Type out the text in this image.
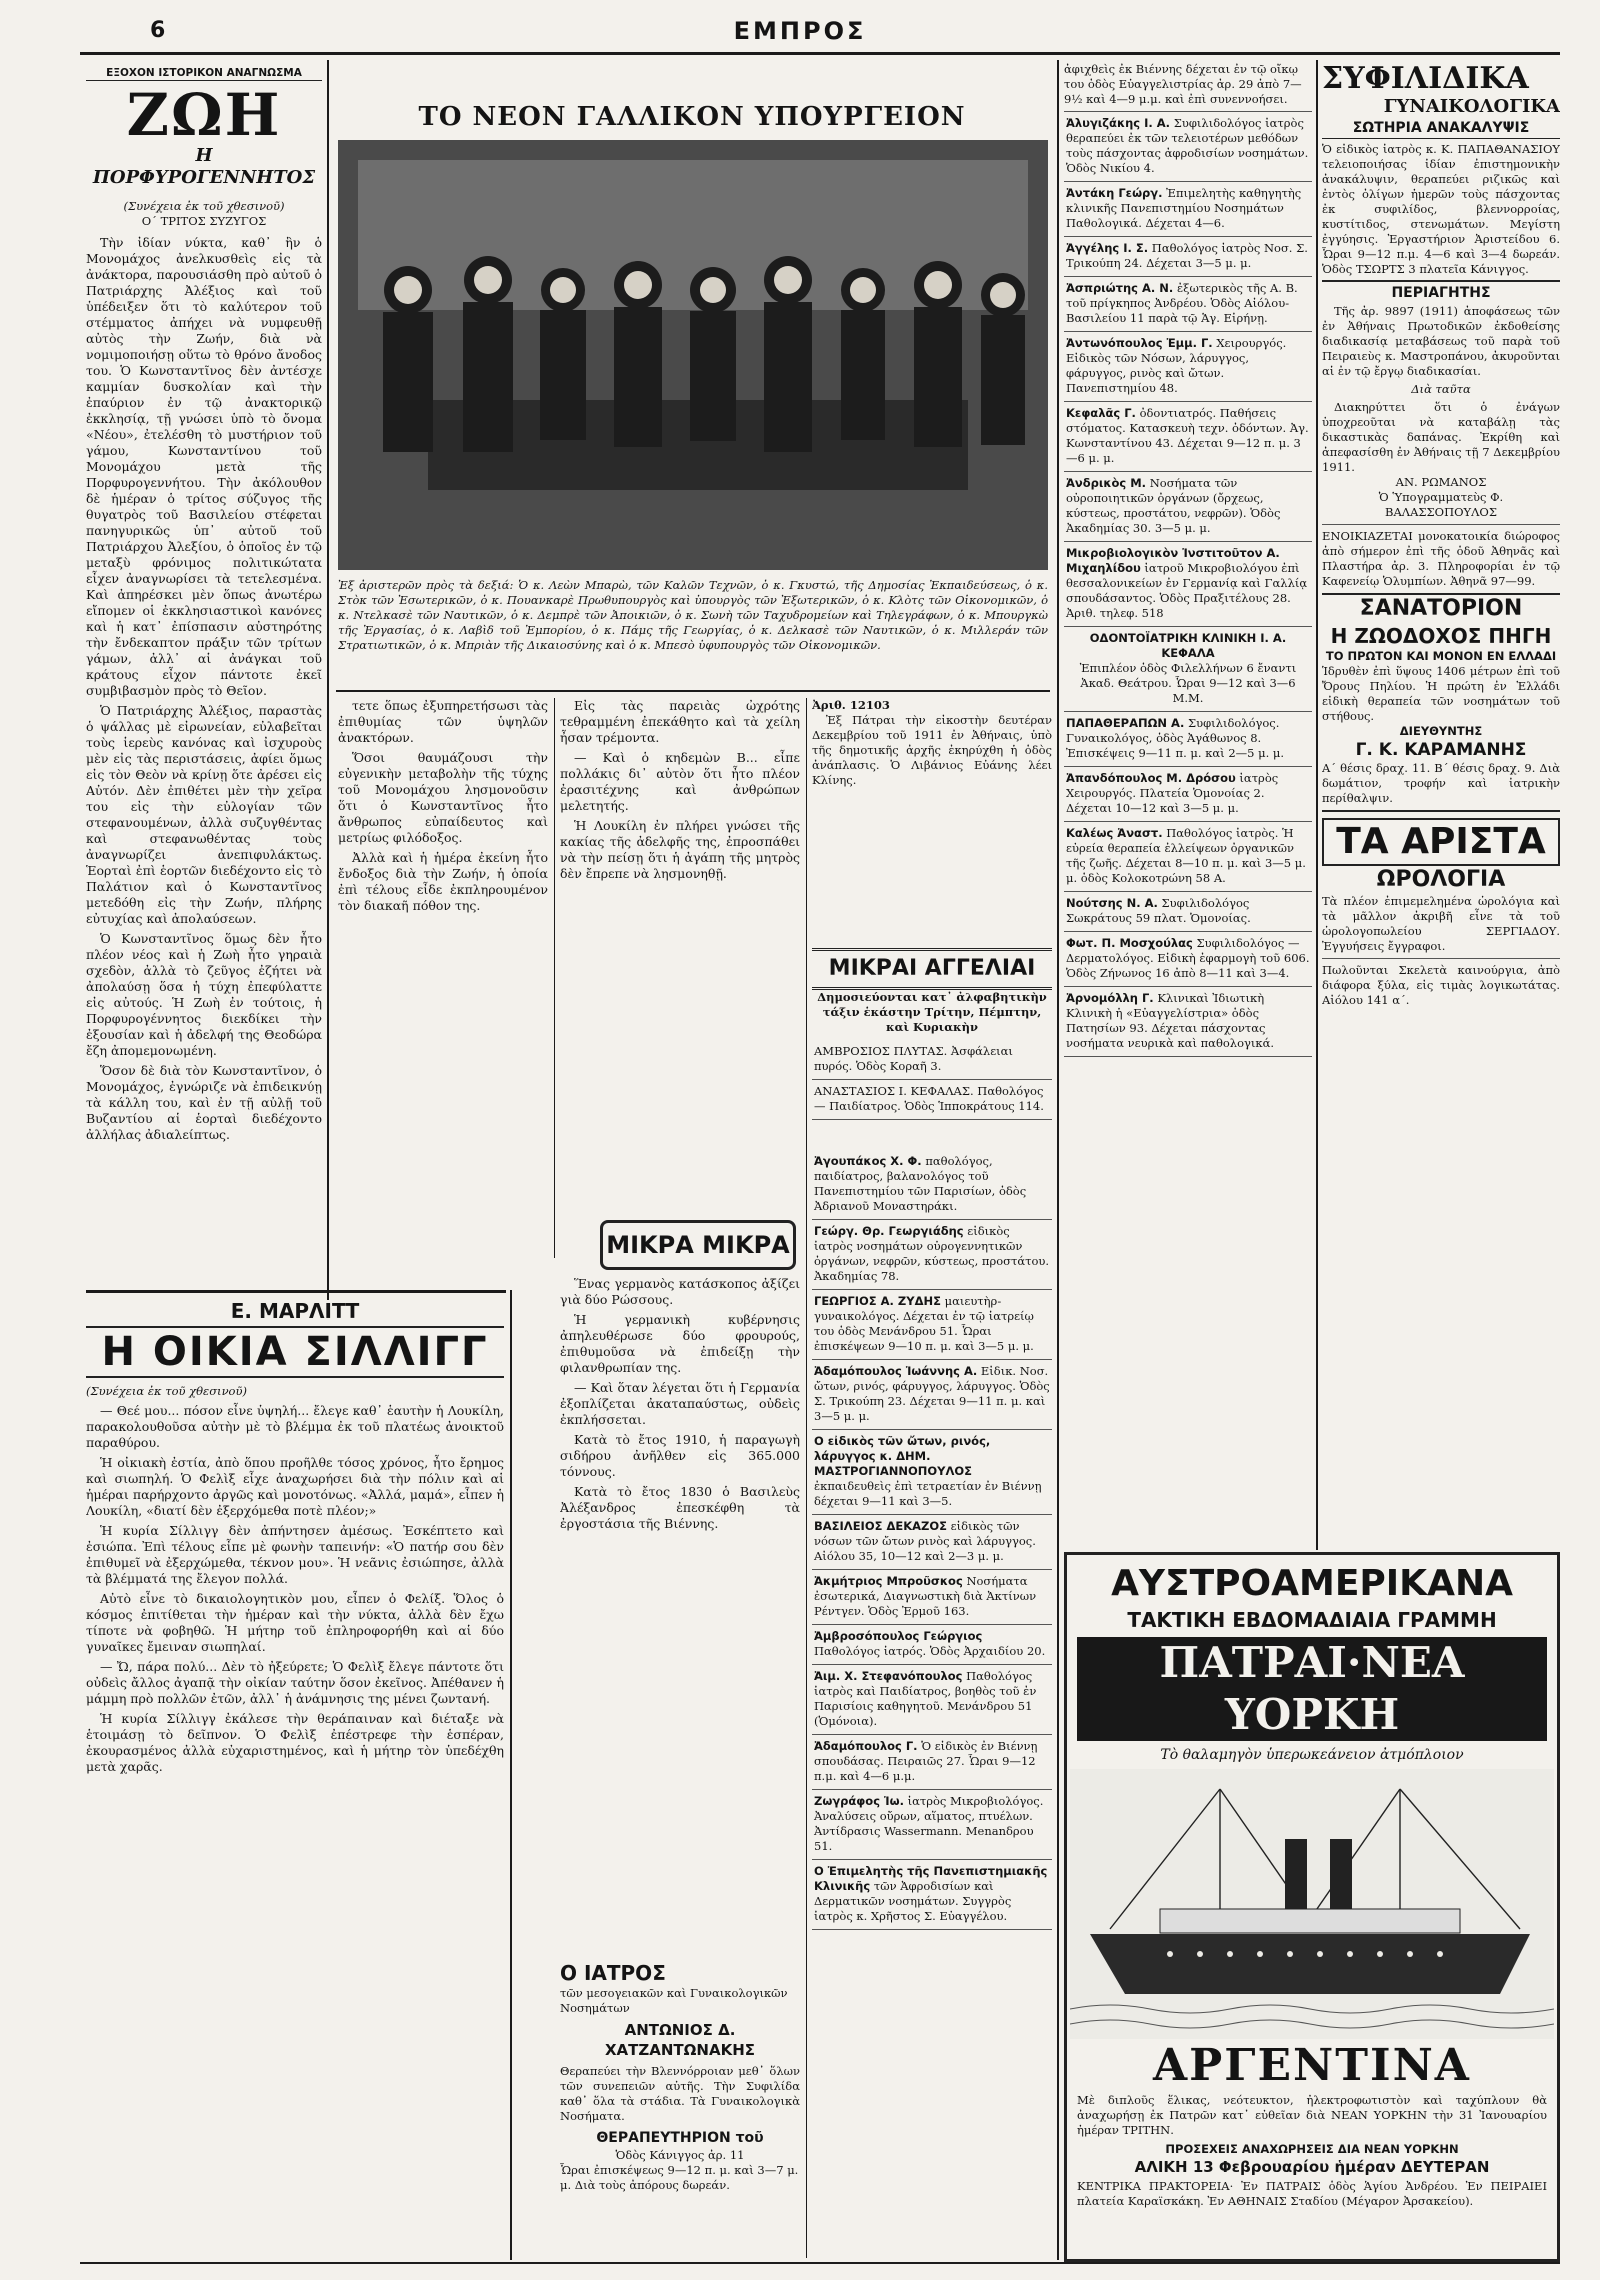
6	ΕΜΠΡΟΣ
ΕΞΟΧΟΝ ΙΣΤΟΡΙΚΟΝ ΑΝΑΓΝΩΣΜΑ
ΖΩΗ
Η ΠΟΡΦΥΡΟΓΕΝΝΗΤΟΣ
(Συνέχεια ἐκ τοῦ χθεσινοῦ)
Ο΄ ΤΡΙΤΟΣ ΣΥΖΥΓΟΣ

Τὴν ἰδίαν νύκτα, καθ᾽ ἣν ὁ Μονομάχος ἀνελκυσθεὶς εἰς τὰ ἀνάκτορα, παρουσιάσθη πρὸ αὐτοῦ ὁ Πατριάρχης Ἀλέξιος καὶ τοῦ ὑπέδειξεν ὅτι τὸ καλύτερον τοῦ στέμματος ἀπήχει νὰ νυμφευθῇ αὐτὸς τὴν Ζωήν, διὰ νὰ νομιμοποιήσῃ οὕτω τὸ θρόνο ἄνοδος του. Ὁ Κωνσταντῖνος δὲν ἀντέσχε καμμίαν δυσκολίαν καὶ τὴν ἐπαύριον ἐν τῷ ἀνακτορικῷ ἐκκλησίᾳ, τῇ γνώσει ὑπὸ τὸ ὄνομα «Νέου», ἐτελέσθη τὸ μυστήριον τοῦ γάμου, Κωνσταντίνου τοῦ Μονομάχου μετὰ τῆς Πορφυρογεννήτου. Τὴν ἀκόλουθον δὲ ἡμέραν ὁ τρίτος σύζυγος τῆς θυγατρὸς τοῦ Βασιλείου στέφεται πανηγυρικῶς ὑπ᾽ αὐτοῦ τοῦ Πατριάρχου Ἀλεξίου, ὁ ὁποῖος ἐν τῷ μεταξὺ φρόνιμος πολιτικώτατα εἶχεν ἀναγνωρίσει τὰ τετελεσμένα. Καὶ ἀπηρέσκει μὲν ὅπως ἀνωτέρω εἴπομεν οἱ ἐκκλησιαστικοὶ κανόνες καὶ ἡ κατ᾽ ἐπίσπασιν αὐστηρότης τὴν ἔνδεκαπτον πράξιν τῶν τρίτων γάμων, ἀλλ᾽ αἱ ἀνάγκαι τοῦ κράτους εἶχον πάντοτε ἐκεῖ συμβιβασμὸν πρὸς τὸ Θεῖον.

Ὁ Πατριάρχης Ἀλέξιος, παραστὰς ὁ ψάλλας μὲ εἰρωνείαν, εὐλαβεῖται τοὺς ἱερεὺς κανόνας καὶ ἰσχυροὺς μὲν εἰς τὰς περιστάσεις, ἀφίει ὅμως εἰς τὸν Θεὸν νὰ κρίνῃ ὅτε ἀρέσει εἰς Αὐτόν. Δὲν ἐπιθέτει μὲν τὴν χεῖρα του εἰς τὴν εὐλογίαν τῶν στεφανουμένων, ἀλλὰ συζυγθέντας καὶ στεφανωθέντας τοὺς ἀναγνωρίζει ἀνεπιφυλάκτως. Ἑορταὶ ἐπὶ ἑορτῶν διεδέχοντο εἰς τὸ Παλάτιον καὶ ὁ Κωνσταντῖνος μετεδόθη εἰς τὴν Ζωήν, πλήρης εὐτυχίας καὶ ἀπολαύσεων.

Ὁ Κωνσταντῖνος ὅμως δὲν ἦτο πλέον νέος καὶ ἡ Ζωὴ ἦτο γηραιὰ σχεδὸν, ἀλλὰ τὸ ζεῦγος ἐζήτει νὰ ἀπολαύσῃ ὅσα ἡ τύχη ἐπεφύλαττε εἰς αὐτούς. Ἡ Ζωὴ ἐν τούτοις, ἡ Πορφυρογέννητος διεκδίκει τὴν ἐξουσίαν καὶ ἡ ἀδελφή της Θεοδώρα ἔζη ἀπομεμονωμένη.

Ὅσον δὲ διὰ τὸν Κωνσταντῖνον, ὁ Μονομάχος, ἐγνώριζε νὰ ἐπιδεικνύῃ τὰ κάλλη του, καὶ ἐν τῇ αὐλῇ τοῦ Βυζαντίου αἱ ἑορταὶ διεδέχοντο ἀλλήλας ἀδιαλείπτως.

Ε. ΜΑΡΛΙΤΤ
Η ΟΙΚΙΑ ΣΙΛΛΙΓΓ
(Συνέχεια ἐκ τοῦ χθεσινοῦ)

— Θεέ μου... πόσον εἶνε ὑψηλή... ἔλεγε καθ᾽ ἑαυτὴν ἡ Λουκίλη, παρακολουθοῦσα αὐτὴν μὲ τὸ βλέμμα ἐκ τοῦ πλατέως ἀνοικτοῦ παραθύρου.

Ἡ οἰκιακὴ ἐστία, ἀπὸ ὅπου προῆλθε τόσος χρόνος, ἦτο ἔρημος καὶ σιωπηλή. Ὁ Φελὶξ εἶχε ἀναχωρήσει διὰ τὴν πόλιν καὶ αἱ ἡμέραι παρήρχοντο ἀργῶς καὶ μονοτόνως. «Ἀλλά, μαμά», εἶπεν ἡ Λουκίλη, «διατί δὲν ἐξερχόμεθα ποτὲ πλέον;»

Ἡ κυρία Σίλλιγγ δὲν ἀπήντησεν ἀμέσως. Ἐσκέπτετο καὶ ἐσιώπα. Ἐπὶ τέλους εἶπε μὲ φωνὴν ταπεινήν: «Ὁ πατήρ σου δὲν ἐπιθυμεῖ νὰ ἐξερχώμεθα, τέκνον μου». Ἡ νεᾶνις ἐσιώπησε, ἀλλὰ τὰ βλέμματά της ἔλεγον πολλά.

Αὐτὸ εἶνε τὸ δικαιολογητικὸν μου, εἶπεν ὁ Φελίξ. Ὅλος ὁ κόσμος ἐπιτίθεται τὴν ἡμέραν καὶ τὴν νύκτα, ἀλλὰ δὲν ἔχω τίποτε νὰ φοβηθῶ. Ἡ μήτηρ τοῦ ἐπληροφορήθη καὶ αἱ δύο γυναῖκες ἔμειναν σιωπηλαί.

— Ὤ, πάρα πολύ... Δὲν τὸ ἠξεύρετε; Ὁ Φελὶξ ἔλεγε πάντοτε ὅτι οὐδεὶς ἄλλος ἀγαπᾷ τὴν οἰκίαν ταύτην ὅσον ἐκεῖνος. Ἀπέθανεν ἡ μάμμη πρὸ πολλῶν ἐτῶν, ἀλλ᾽ ἡ ἀνάμνησις της μένει ζωντανή.

Ἡ κυρία Σίλλιγγ ἐκάλεσε τὴν θεράπαιναν καὶ διέταξε νὰ ἑτοιμάσῃ τὸ δεῖπνον. Ὁ Φελὶξ ἐπέστρεφε τὴν ἑσπέραν, ἐκουρασμένος ἀλλὰ εὐχαριστημένος, καὶ ἡ μήτηρ τὸν ὑπεδέχθη μετὰ χαρᾶς.

ΤΟ ΝΕΟΝ ΓΑΛΛΙΚΟΝ ΥΠΟΥΡΓΕΙΟΝ
Ἐξ ἀριστερῶν πρὸς τὰ δεξιά: Ὁ κ. Λεὼν Μπαρὼ, τῶν Καλῶν Τεχνῶν, ὁ κ. Γκυστώ, τῆς Δημοσίας Ἐκπαιδεύσεως, ὁ κ. Στὸκ τῶν Ἐσωτερικῶν, ὁ κ. Πουανκαρὲ Πρωθυπουργὸς καὶ ὑπουργὸς τῶν Ἐξωτερικῶν, ὁ κ. Κλὸτς τῶν Οἰκονομικῶν, ὁ κ. Ντελκασὲ τῶν Ναυτικῶν, ὁ κ. Δεμπρὲ τῶν Ἀποικιῶν, ὁ κ. Σωνὴ τῶν Ταχυδρομείων καὶ Τηλεγράφων, ὁ κ. Μπουργκὼ τῆς Ἐργασίας, ὁ κ. Λαβὶδ τοῦ Ἐμπορίου, ὁ κ. Πάμς τῆς Γεωργίας, ὁ κ. Δελκασὲ τῶν Ναυτικῶν, ὁ κ. Μιλλεράν τῶν Στρατιωτικῶν, ὁ κ. Μπριὰν τῆς Δικαιοσύνης καὶ ὁ κ. Μπεσὸ ὑφυπουργὸς τῶν Οἰκονομικῶν.

τετε ὅπως ἐξυπηρετήσωσι τὰς ἐπιθυμίας τῶν ὑψηλῶν ἀνακτόρων.

Ὅσοι θαυμάζουσι τὴν εὐγενικὴν μεταβολὴν τῆς τύχης τοῦ Μονομάχου λησμονοῦσιν ὅτι ὁ Κωνσταντῖνος ἦτο ἄνθρωπος εὐπαίδευτος καὶ μετρίως φιλόδοξος.

Ἀλλὰ καὶ ἡ ἡμέρα ἐκείνη ἦτο ἔνδοξος διὰ τὴν Ζωήν, ἡ ὁποία ἐπὶ τέλους εἶδε ἐκπληρουμένον τὸν διακαῆ πόθον της.

Εἰς τὰς παρειὰς ὠχρότης τεθραμμένη ἐπεκάθητο καὶ τὰ χείλη ἦσαν τρέμοντα.

— Καὶ ὁ κηδεμὼν Β... εἶπε πολλάκις δι᾽ αὐτὸν ὅτι ἦτο πλέον ἐρασιτέχνης καὶ ἀνθρώπων μελετητής.

Ἡ Λουκίλη ἐν πλήρει γνώσει τῆς κακίας τῆς ἀδελφῆς της, ἐπροσπάθει νὰ τὴν πείσῃ ὅτι ἡ ἀγάπη τῆς μητρὸς δὲν ἔπρεπε νὰ λησμονηθῇ.

ΜΙΚΡΑ ΜΙΚΡΑ

Ἕνας γερμανὸς κατάσκοπος ἀξίζει γιὰ δύο Ρώσσους.

Ἡ γερμανικὴ κυβέρνησις ἀπηλευθέρωσε δύο φρουρούς, ἐπιθυμοῦσα νὰ ἐπιδείξῃ τὴν φιλανθρωπίαν της.

— Καὶ ὅταν λέγεται ὅτι ἡ Γερμανία ἐξοπλίζεται ἀκαταπαύστως, οὐδεὶς ἐκπλήσσεται.

Κατὰ τὸ ἔτος 1910, ἡ παραγωγὴ σιδήρου ἀνῆλθεν εἰς 365.000 τόννους.

Κατὰ τὸ ἔτος 1830 ὁ Βασιλεὺς Ἀλέξανδρος ἐπεσκέφθη τὰ ἐργοστάσια τῆς Βιέννης.

Ο ΙΑΤΡΟΣ
τῶν μεσογειακῶν καὶ Γυναικολογικῶν Νοσημάτων
ΑΝΤΩΝΙΟΣ Δ. ΧΑΤΖΑΝΤΩΝΑΚΗΣ
Θεραπεύει τὴν Βλεννόρροιαν μεθ᾽ ὅλων τῶν συνεπειῶν αὐτῆς. Τὴν Συφιλίδα καθ᾽ ὅλα τὰ στάδια. Τὰ Γυναικολογικὰ Νοσήματα.
ΘΕΡΑΠΕΥΤΗΡΙΟΝ τοῦ
Ὁδὸς Κάνιγγος ἀρ. 11
Ὧραι ἐπισκέψεως 9—12 π. μ. καὶ 3—7 μ. μ. Διὰ τοὺς ἀπόρους δωρεάν.
Ἀριθ. 12103

Ἐξ Πάτραι τὴν εἰκοστὴν δευτέραν Δεκεμβρίου τοῦ 1911 ἐν Ἀθήναις, ὑπὸ τῆς δημοτικῆς ἀρχῆς ἐκηρύχθη ἡ ὁδὸς ἀνάπλασις. Ὁ Λιβάνιος Εὐάνης λέει Κλίνης.

ΜΙΚΡΑΙ ΑΓΓΕΛΙΑΙ
Δημοσιεύονται κατ᾽ ἀλφαβητικὴν τάξιν ἑκάστην Τρίτην, Πέμπτην, καὶ Κυριακὴν
ΑΜΒΡΟΣΙΟΣ ΠΛΥΤΑΣ. Ἀσφάλειαι πυρός. Ὁδὸς Κοραῆ 3.
ΑΝΑΣΤΑΣΙΟΣ Ι. ΚΕΦΑΛΑΣ. Παθολόγος — Παιδίατρος. Ὁδὸς Ἱπποκράτους 114.
Ἀγουπάκος Χ. Φ. παθολόγος, παιδίατρος, βαλανολόγος τοῦ Πανεπιστημίου τῶν Παρισίων, ὁδὸς Ἀδριανοῦ Μοναστηράκι.
Γεώργ. Θρ. Γεωργιάδης εἰδικὸς ἰατρὸς νοσημάτων οὐρογεννητικῶν ὀργάνων, νεφρῶν, κύστεως, προστάτου. Ἀκαδημίας 78.
ΓΕΩΡΓΙΟΣ Α. ΖΥΔΗΣ μαιευτὴρ-γυναικολόγος. Δέχεται ἐν τῷ ἰατρείῳ του ὁδὸς Μενάνδρου 51. Ὧραι ἐπισκέψεων 9—10 π. μ. καὶ 3—5 μ. μ.
Ἀδαμόπουλος Ἰωάννης Α. Εἰδικ. Νοσ. ὤτων, ρινός, φάρυγγος, λάρυγγος. Ὁδὸς Σ. Τρικούπη 23. Δέχεται 9—11 π. μ. καὶ 3—5 μ. μ.
Ο εἰδικὸς τῶν ὤτων, ρινός, λάρυγγος κ. ΔΗΜ. ΜΑΣΤΡΟΓΙΑΝΝΟΠΟΥΛΟΣ ἐκπαιδευθεὶς ἐπὶ τετραετίαν ἐν Βιέννῃ δέχεται 9—11 καὶ 3—5.
ΒΑΣΙΛΕΙΟΣ ΔΕΚΑΖΟΣ εἰδικὸς τῶν νόσων τῶν ὤτων ρινὸς καὶ λάρυγγος. Αἰόλου 35, 10—12 καὶ 2—3 μ. μ.
Ἀκμήτριος Μπροῦσκος Νοσήματα ἐσωτερικά, Διαγνωστικὴ διὰ Ἀκτίνων Ρέντγεν. Ὁδὸς Ἐρμοῦ 163.
Ἀμβροσόπουλος Γεώργιος Παθολόγος ἰατρός. Ὁδὸς Ἀρχαιδίου 20.
Ἀιμ. Χ. Στεφανόπουλος Παθολόγος ἰατρὸς καὶ Παιδίατρος, βοηθὸς τοῦ ἐν Παρισίοις καθηγητοῦ. Μενάνδρου 51 (Ὁμόνοια).
Ἀδαμόπουλος Γ. Ὁ εἰδικὸς ἐν Βιέννῃ σπουδάσας. Πειραιῶς 27. Ὧραι 9—12 π.μ. καὶ 4—6 μ.μ.
Ζωγράφος Ἰω. ἰατρὸς Μικροβιολόγος. Ἀναλύσεις οὔρων, αἵματος, πτυέλων. Ἀντίδρασις Wassermann. Μenanδρου 51.
Ο Ἐπιμελητὴς τῆς Πανεπιστημιακῆς Κλινικῆς τῶν Ἀφροδισίων καὶ Δερματικῶν νοσημάτων. Συγγρὸς ἰατρὸς κ. Χρῆστος Σ. Εὐαγγέλου.
ἀφιχθεὶς ἐκ Βιέννης δέχεται ἐν τῷ οἴκῳ του ὁδὸς Εὐαγγελιστρίας ἀρ. 29 ἀπὸ 7—9½ καὶ 4—9 μ.μ. καὶ ἐπὶ συνεννοήσει.
Ἀλυγιζάκης Ι. Α. Συφιλιδολόγος ἰατρὸς θεραπεύει ἐκ τῶν τελειοτέρων μεθόδων τοὺς πάσχοντας ἀφροδισίων νοσημάτων. Ὁδὸς Νικίου 4.
Ἀντάκη Γεώργ. Ἐπιμελητὴς καθηγητὴς κλινικῆς Πανεπιστημίου Νοσημάτων Παθολογικά. Δέχεται 4—6.
Ἀγγέλης Ι. Σ. Παθολόγος ἰατρὸς Νοσ. Σ. Τρικούπη 24. Δέχεται 3—5 μ. μ.
Ἀσπριώτης Α. Ν. ἐξωτερικὸς τῆς Α. Β. τοῦ πρίγκηπος Ἀνδρέου. Ὁδὸς Αἰόλου-Βασιλείου 11 παρὰ τῷ Ἁγ. Εἰρήνῃ.
Ἀντωνόπουλος Ἐμμ. Γ. Χειρουργός. Εἰδικὸς τῶν Νόσων, λάρυγγος, φάρυγγος, ρινὸς καὶ ὤτων. Πανεπιστημίου 48.
Κεφαλᾶς Γ. ὀδοντιατρός. Παθήσεις στόματος. Κατασκευὴ τεχν. ὀδόντων. Ἀγ. Κωνσταντίνου 43. Δέχεται 9—12 π. μ. 3—6 μ. μ.
Ἀνδρικὸς Μ. Νοσήματα τῶν οὐροποιητικῶν ὀργάνων (ὄρχεως, κύστεως, προστάτου, νεφρῶν). Ὁδὸς Ἀκαδημίας 30. 3—5 μ. μ.
Μικροβιολογικὸν Ἰνστιτοῦτον Α. Μιχαηλίδου ἰατροῦ Μικροβιολόγου ἐπὶ θεσσαλονικείων ἐν Γερμανίᾳ καὶ Γαλλίᾳ σπουδάσαντος. Ὁδὸς Πραξιτέλους 28. Ἀριθ. τηλεφ. 518
ΟΔΟΝΤΟΪΑΤΡΙΚΗ ΚΛΙΝΙΚΗ Ι. Α. ΚΕΦΑΛΑ
Ἐπιπλέον ὁδὸς Φιλελλήνων 6 ἔναντι Ἀκαδ. Θεάτρου. Ὧραι 9—12 καὶ 3—6 Μ.Μ.
ΠΑΠΑΘΕΡΑΠΩΝ Α. Συφιλιδολόγος. Γυναικολόγος, ὁδὸς Ἀγάθωνος 8. Ἐπισκέψεις 9—11 π. μ. καὶ 2—5 μ. μ.
Ἀπανδόπουλος Μ. Δρόσου ἰατρὸς Χειρουργός. Πλατεία Ὁμονοίας 2. Δέχεται 10—12 καὶ 3—5 μ. μ.
Καλέως Ἀναστ. Παθολόγος ἰατρὸς. Ἡ εὐρεία θεραπεία ἐλλείψεων ὀργανικῶν τῆς ζωῆς. Δέχεται 8—10 π. μ. καὶ 3—5 μ. μ. ὁδὸς Κολοκοτρώνη 58 Α.
Νούτσης Ν. Α. Συφιλιδολόγος Σωκράτους 59 πλατ. Ὁμονοίας.
Φωτ. Π. Μοσχούλας Συφιλιδολόγος — Δερματολόγος. Εἰδικὴ ἐφαρμογὴ τοῦ 606. Ὁδὸς Ζήνωνος 16 ἀπὸ 8—11 καὶ 3—4.
Ἀρνομόλλη Γ. Κλινικαὶ Ἰδιωτικὴ Κλινικὴ ἡ «Εὐαγγελίστρια» ὁδὸς Πατησίων 93. Δέχεται πάσχοντας νοσήματα νευρικὰ καὶ παθολογικά.
ΣΥΦΙΛΙΔΙΚΑ
ΓΥΝΑΙΚΟΛΟΓΙΚΑ
ΣΩΤΗΡΙΑ ΑΝΑΚΑΛΥΨΙΣ
Ὁ εἰδικὸς ἰατρὸς κ. Κ. ΠΑΠΑΘΑΝΑΣΙΟΥ τελειοποιήσας ἰδίαν ἐπιστημονικὴν ἀνακάλυψιν, θεραπεύει ριζικῶς καὶ ἐντὸς ὀλίγων ἡμερῶν τοὺς πάσχοντας ἐκ συφιλίδος, βλεννορροίας, κυστίτιδος, στενωμάτων. Μεγίστη ἐγγύησις. Ἐργαστήριον Ἀριστείδου 6. Ὧραι 9—12 π.μ. 4—6 καὶ 3—4 δωρεάν. Ὁδὸς ΤΣΩΡΤΣ 3 πλατεῖα Κάνιγγος.
ΠΕΡΙΑΓΗΤΗΣ
Τῆς ἀρ. 9897 (1911) ἀποφάσεως τῶν ἐν Ἀθήναις Πρωτοδικῶν ἐκδοθείσης διαδικασίᾳ μεταβάσεως τοῦ παρὰ τοῦ Πειραιεὺς κ. Μαστροπάνου, ἀκυροῦνται αἱ ἐν τῷ ἔργῳ διαδικασίαι.
Διὰ ταῦτα
Διακηρύττει ὅτι ὁ ἐνάγων ὑποχρεοῦται νὰ καταβάλῃ τὰς δικαστικὰς δαπάνας. Ἐκρίθη καὶ ἀπεφασίσθη ἐν Ἀθήναις τῇ 7 Δεκεμβρίου 1911.
ΑΝ. ΡΩΜΑΝΟΣ
Ὁ Ὑπογραμματεὺς Φ. ΒΑΛΑΣΣΟΠΟΥΛΟΣ
ΕΝΟΙΚΙΑΖΕΤΑΙ μονοκατοικία διώροφος ἀπὸ σήμερον ἐπὶ τῆς ὁδοῦ Ἀθηνᾶς καὶ Πλαστήρα ἀρ. 3. Πληροφορίαι ἐν τῷ Καφενείῳ Ὁλυμπίων. Ἀθηνᾶ 97—99.
ΣΑΝΑΤΟΡΙΟΝ
Η ΖΩΟΔΟΧΟΣ ΠΗΓΗ
ΤΟ ΠΡΩΤΟΝ ΚΑΙ ΜΟΝΟΝ ΕΝ ΕΛΛΑΔΙ
Ἱδρυθὲν ἐπὶ ὕψους 1406 μέτρων ἐπὶ τοῦ Ὄρους Πηλίου. Ἡ πρώτη ἐν Ἑλλάδι εἰδικὴ θεραπεία τῶν νοσημάτων τοῦ στήθους.
ΔΙΕΥΘΥΝΤΗΣ
Γ. Κ. ΚΑΡΑΜΑΝΗΣ
Α΄ θέσις δραχ. 11. Β΄ θέσις δραχ. 9. Διὰ δωμάτιον, τροφήν καὶ ἰατρικὴν περίθαλψιν.
ΤΑ ΑΡΙΣΤΑ
ΩΡΟΛΟΓΙΑ
Τὰ πλέον ἐπιμεμελημένα ὡρολόγια καὶ τὰ μᾶλλον ἀκριβῆ εἶνε τὰ τοῦ ὡρολογοπωλείου ΣΕΡΓΙΑΔΟΥ. Ἐγγυήσεις ἔγγραφοι.
Πωλοῦνται Σκελετὰ καινούργια, ἀπὸ διάφορα ξύλα, εἰς τιμὰς λογικωτάτας. Αἰόλου 141 α΄.
ΑΥΣΤΡΟΑΜΕΡΙΚΑΝΑ
ΤΑΚΤΙΚΗ ΕΒΔΟΜΑΔΙΑΙΑ ΓΡΑΜΜΗ
ΠΑΤΡΑΙ·ΝΕΑ ΥΟΡΚΗ
Τὸ θαλαμηγὸν ὑπερωκεάνειον ἀτμόπλοιον
ΑΡΓΕΝΤΙΝΑ
Μὲ διπλοῦς ἕλικας, νεότευκτον, ἠλεκτροφωτιστὸν καὶ ταχύπλουν θὰ ἀναχωρήσῃ ἐκ Πατρῶν κατ᾽ εὐθεῖαν διὰ ΝΕΑΝ ΥΟΡΚΗΝ τὴν 31 Ἰανουαρίου ἡμέραν ΤΡΙΤΗΝ.
ΠΡΟΣΕΧΕΙΣ ΑΝΑΧΩΡΗΣΕΙΣ ΔΙΑ ΝΕΑΝ ΥΟΡΚΗΝ
ΑΛΙΚΗ 13 Φεβρουαρίου ἡμέραν ΔΕΥΤΕΡΑΝ
ΚΕΝΤΡΙΚΑ ΠΡΑΚΤΟΡΕΙΑ· Ἐν ΠΑΤΡΑΙΣ ὁδὸς Ἁγίου Ἀνδρέου. Ἐν ΠΕΙΡΑΙΕΙ πλατεία Καραϊσκάκη. Ἐν ΑΘΗΝΑΙΣ Σταδίου (Μέγαρον Ἀρσακείου).
